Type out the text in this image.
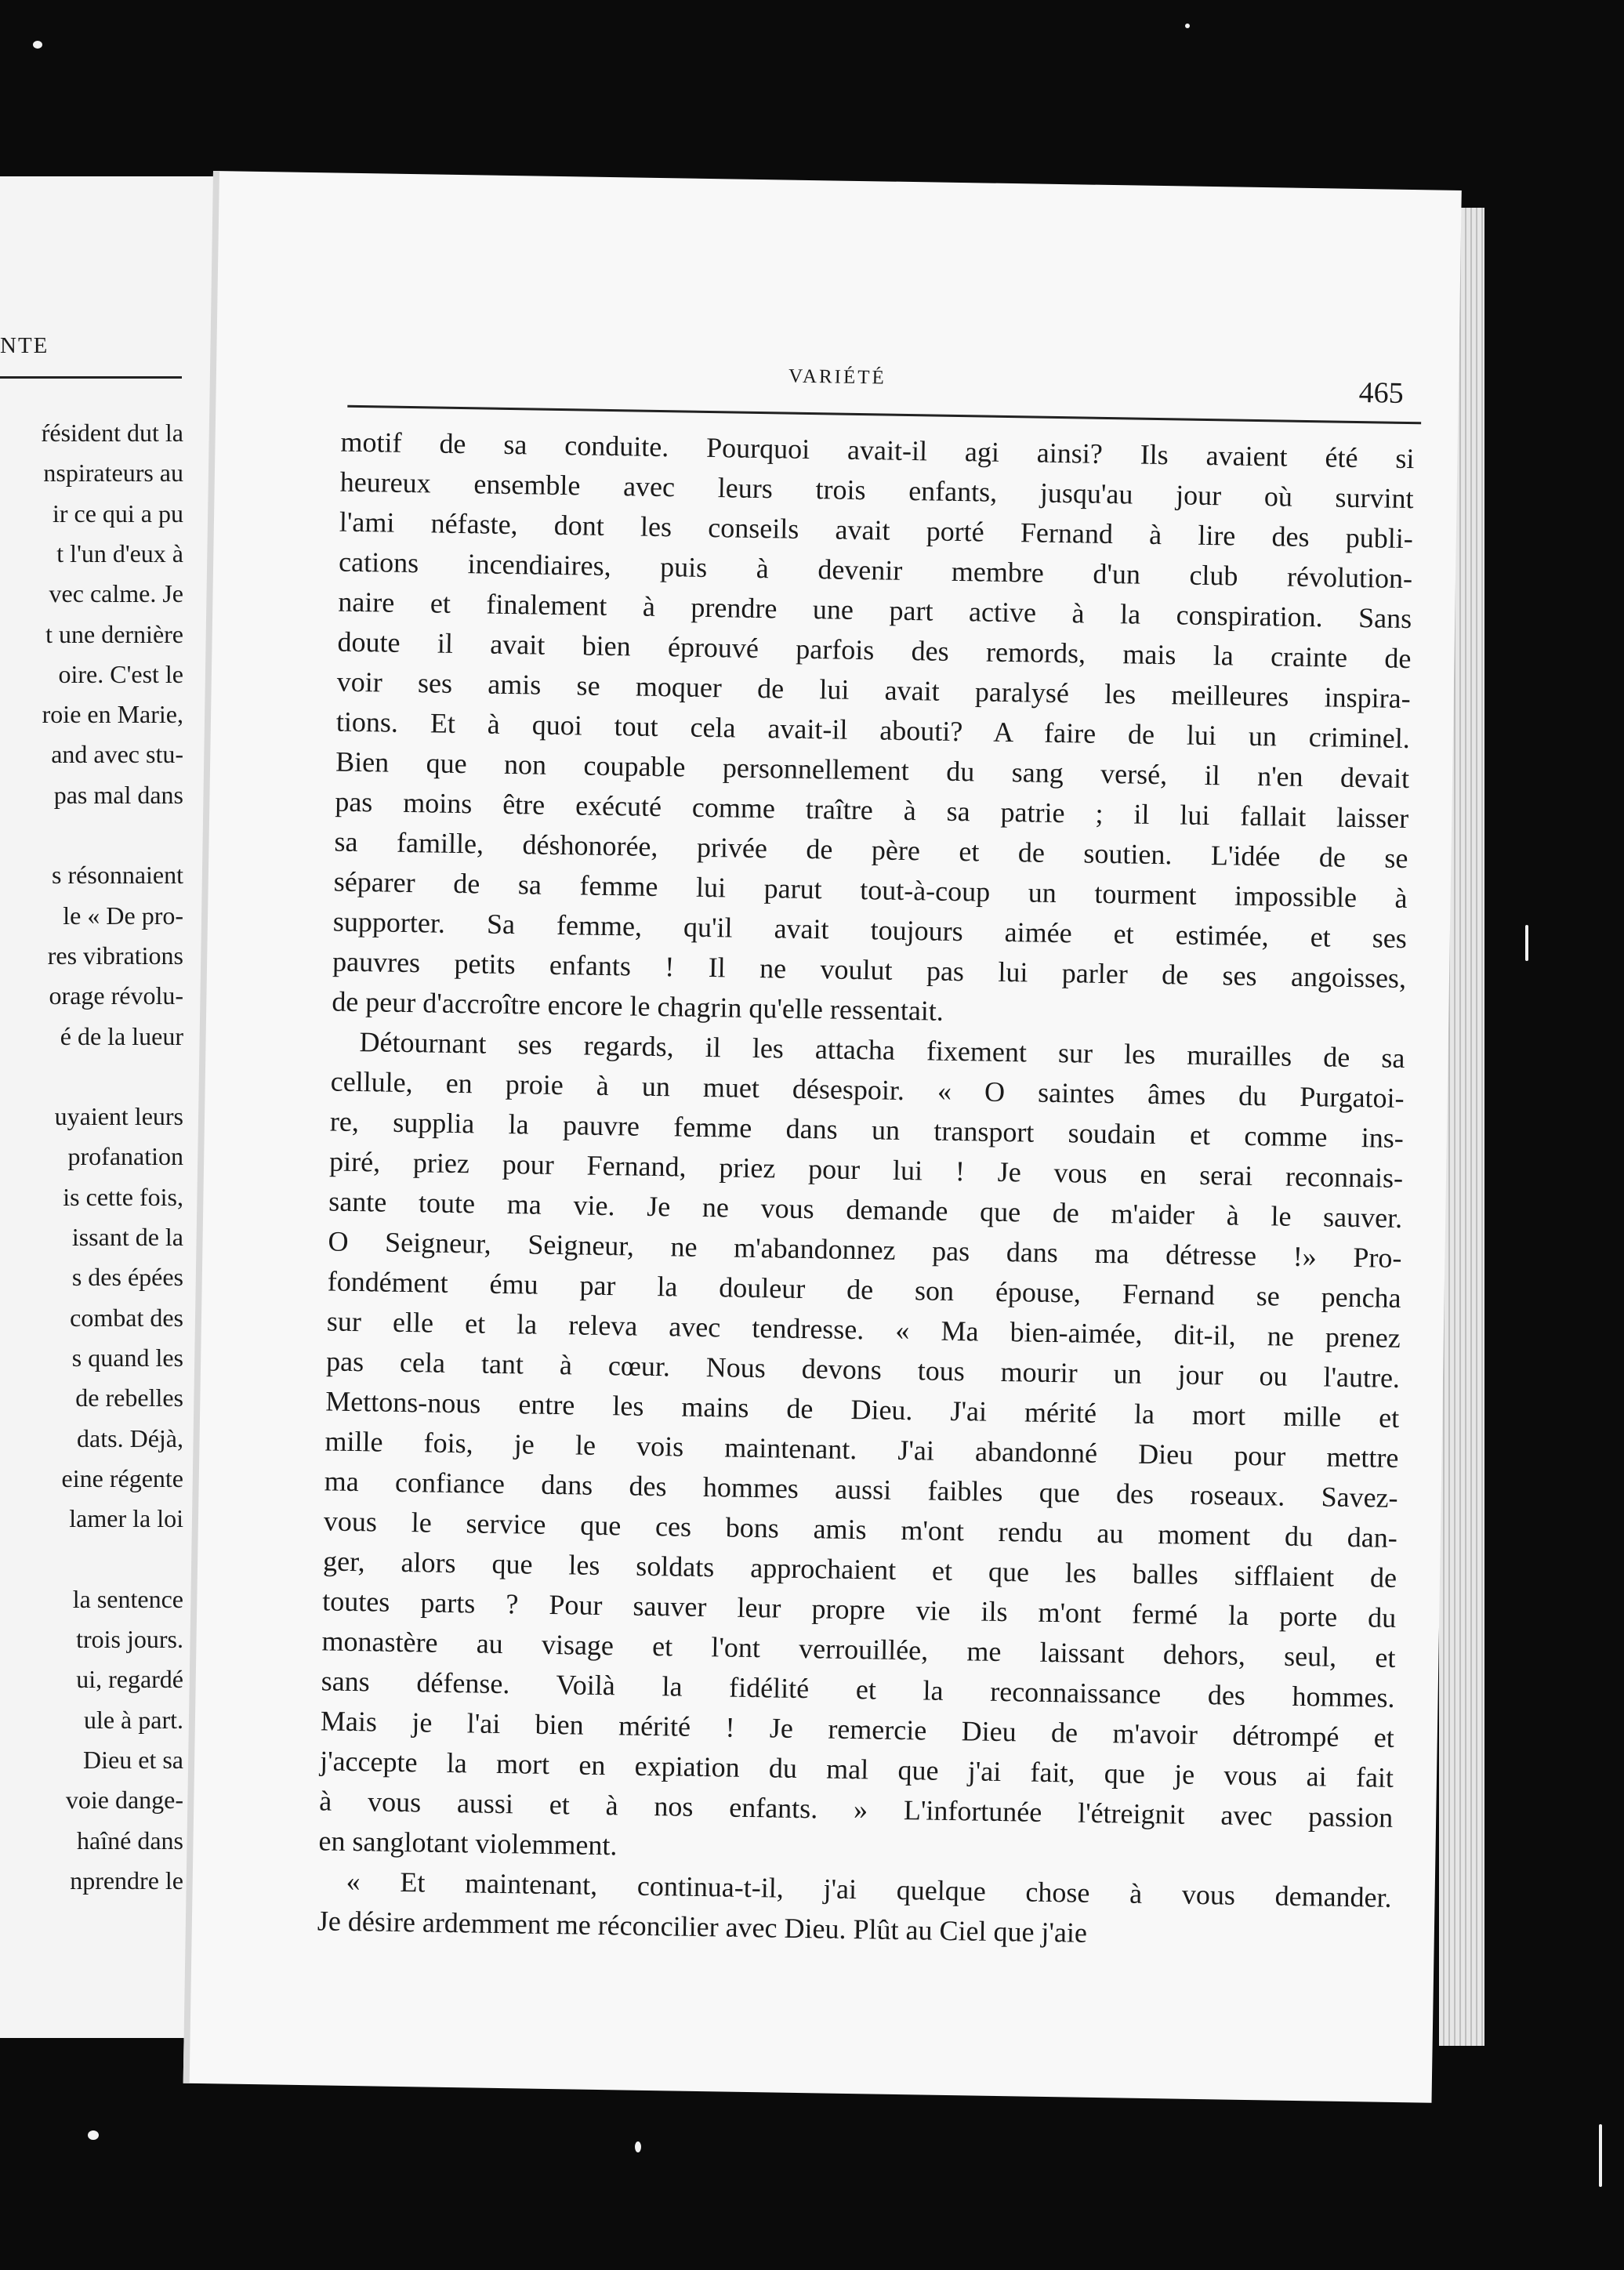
NTE
ŕésident dut la
nspirateurs au
ir ce qui a pu
t l'un d'eux à
vec calme. Je
t une dernière
oire. C'est le
roie en Marie,
and avec stu-
pas mal dans
s résonnaient
le « De pro-
res vibrations
orage révolu-
é de la lueur
uyaient leurs
profanation
is cette fois,
issant de la
s des épées
combat des
s quand les
de rebelles
dats. Déjà,
eine régente
lamer la loi
la sentence
trois jours.
ui, regardé
ule à part.
Dieu et sa
voie dange-
haîné dans
nprendre le
VARIÉTÉ	465
motif de sa conduite. Pourquoi avait-il agi ainsi? Ils avaient été si
heureux ensemble avec leurs trois enfants, jusqu'au jour où survint
l'ami néfaste, dont les conseils avait porté Fernand à lire des publi-
cations incendiaires, puis à devenir membre d'un club révolution-
naire et finalement à prendre une part active à la conspiration. Sans
doute il avait bien éprouvé parfois des remords, mais la crainte de
voir ses amis se moquer de lui avait paralysé les meilleures inspira-
tions. Et à quoi tout cela avait-il abouti? A faire de lui un criminel.
Bien que non coupable personnellement du sang versé, il n'en devait
pas moins être exécuté comme traître à sa patrie ; il lui fallait laisser
sa famille, déshonorée, privée de père et de soutien. L'idée de se
séparer de sa femme lui parut tout-à-coup un tourment impossible à
supporter. Sa femme, qu'il avait toujours aimée et estimée, et ses
pauvres petits enfants ! Il ne voulut pas lui parler de ses angoisses,
de peur d'accroître encore le chagrin qu'elle ressentait.
Détournant ses regards, il les attacha fixement sur les murailles de sa
cellule, en proie à un muet désespoir. « O saintes âmes du Purgatoi-
re, supplia la pauvre femme dans un transport soudain et comme ins-
piré, priez pour Fernand, priez pour lui ! Je vous en serai reconnais-
sante toute ma vie. Je ne vous demande que de m'aider à le sauver.
O Seigneur, Seigneur, ne m'abandonnez pas dans ma détresse !» Pro-
fondément ému par la douleur de son épouse, Fernand se pencha
sur elle et la releva avec tendresse. « Ma bien-aimée, dit-il, ne prenez
pas cela tant à cœur. Nous devons tous mourir un jour ou l'autre.
Mettons-nous entre les mains de Dieu. J'ai mérité la mort mille et
mille fois, je le vois maintenant. J'ai abandonné Dieu pour mettre
ma confiance dans des hommes aussi faibles que des roseaux. Savez-
vous le service que ces bons amis m'ont rendu au moment du dan-
ger, alors que les soldats approchaient et que les balles sifflaient de
toutes parts ? Pour sauver leur propre vie ils m'ont fermé la porte du
monastère au visage et l'ont verrouillée, me laissant dehors, seul, et
sans défense. Voilà la fidélité et la reconnaissance des hommes.
Mais je l'ai bien mérité ! Je remercie Dieu de m'avoir détrompé et
j'accepte la mort en expiation du mal que j'ai fait, que je vous ai fait
à vous aussi et à nos enfants. » L'infortunée l'étreignit avec passion
en sanglotant violemment.
« Et maintenant, continua-t-il, j'ai quelque chose à vous demander.
Je désire ardemment me réconcilier avec Dieu. Plût au Ciel que j'aie
